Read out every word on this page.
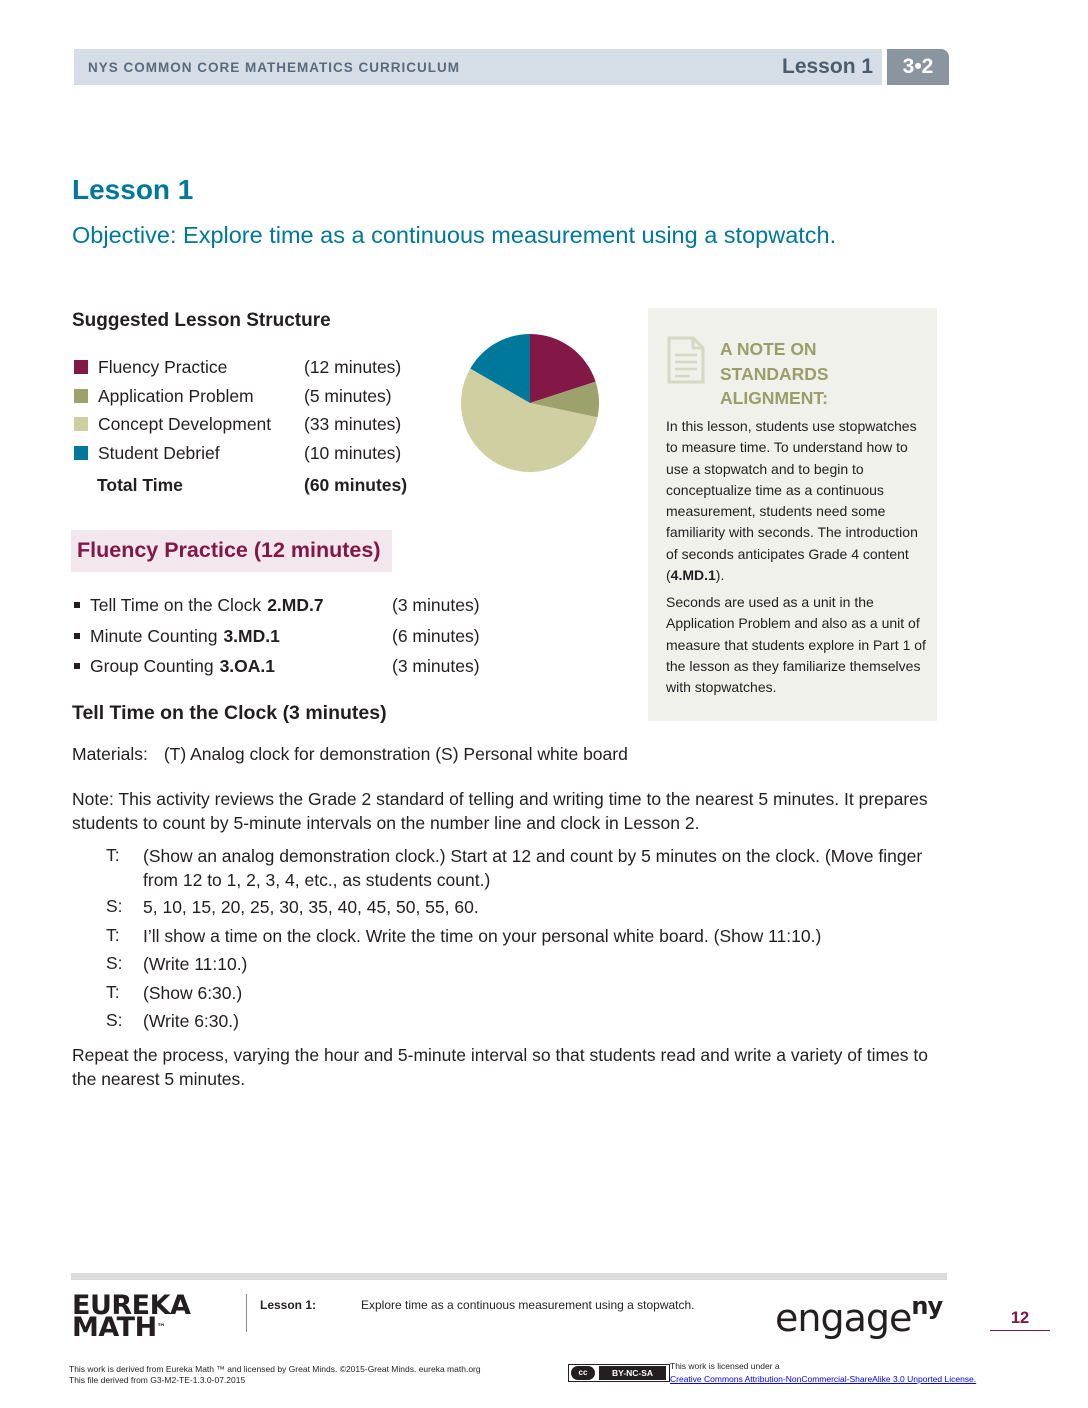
NYS COMMON CORE MATHEMATICS CURRICULUM	Lesson 1	3•2
Lesson 1
Objective: Explore time as a continuous measurement using a stopwatch.
Suggested Lesson Structure
Fluency Practice	(12 minutes)
Application Problem	(5 minutes)
Concept Development (33 minutes)
Student Debrief	(10 minutes)
Total Time	(60 minutes)
A NOTE ON
STANDARDS
ALIGNMENT:
In this lesson, students use stopwatches to measure time. To understand how to use a stopwatch and to begin to conceptualize time as a continuous measurement, students need some familiarity with seconds. The introduction of seconds anticipates Grade 4 content (4.MD.1).
Seconds are used as a unit in the Application Problem and also as a unit of measure that students explore in Part 1 of the lesson as they familiarize themselves with stopwatches.
Fluency Practice (12 minutes)
Tell Time on the Clock 2.MD.7	(3 minutes)
Minute Counting 3.MD.1	(6 minutes)
Group Counting 3.OA.1	(3 minutes)
Tell Time on the Clock (3 minutes)
Materials: (T) Analog clock for demonstration (S) Personal white board
Note: This activity reviews the Grade 2 standard of telling and writing time to the nearest 5 minutes. It prepares students to count by 5-minute intervals on the number line and clock in Lesson 2.
T: (Show an analog demonstration clock.) Start at 12 and count by 5 minutes on the clock. (Move finger from 12 to 1, 2, 3, 4, etc., as students count.)
S: 5, 10, 15, 20, 25, 30, 35, 40, 45, 50, 55, 60.
T: I’ll show a time on the clock. Write the time on your personal white board. (Show 11:10.)
S: (Write 11:10.)
T: (Show 6:30.)
S: (Write 6:30.)
Repeat the process, varying the hour and 5-minute interval so that students read and write a variety of times to the nearest 5 minutes.
EUREKA
MATH™
Lesson 1:	Explore time as a continuous measurement using a stopwatch. engage$^{ny}$	12
This work is derived from Eureka Math ™ and licensed by Great Minds. ©2015-Great Minds. eureka math.org
This file derived from G3-M2-TE-1.3.0-07.2015
cc	BY-NC-SA
This work is licensed under a
Creative Commons Attribution-NonCommercial-ShareAlike 3.0 Unported License.
